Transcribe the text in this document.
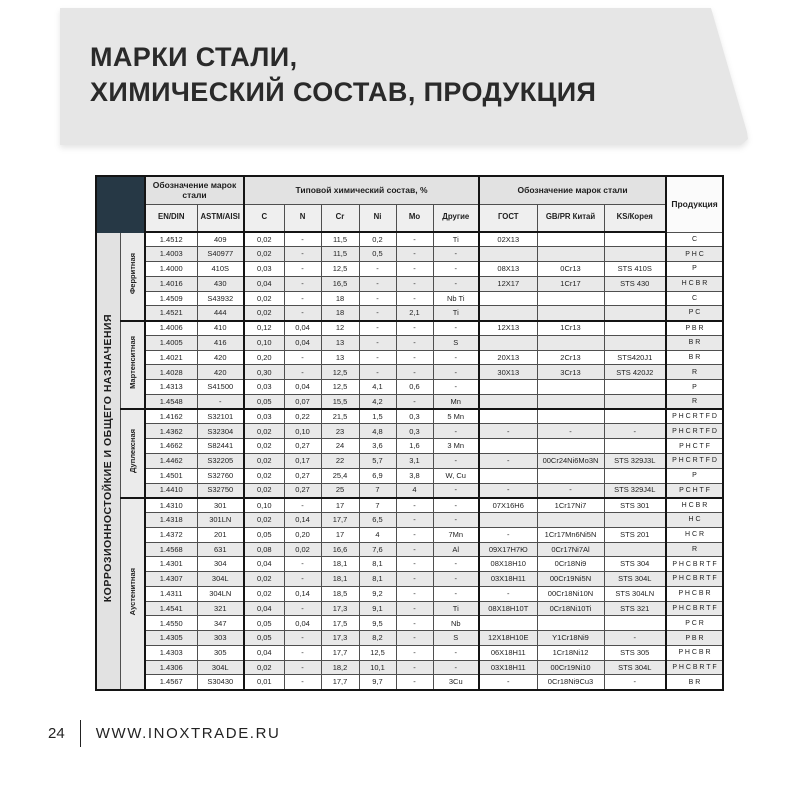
МАРКИ СТАЛИ,
ХИМИЧЕСКИЙ СОСТАВ, ПРОДУКЦИЯ
		Обозначение марок стали		Типовой химический состав, %						Обозначение марок стали			Продукция
		EN/DIN	ASTM/AISI	C	N	Cr	Ni	Mo	Другие	ГОСТ	GB/PR Китай	KS/Корея	
КОРРОЗИОННОСТОЙКИЕ И ОБЩЕГО НАЗНАЧЕНИЯ	Ферритная	1.4512	409	0,02	-	11,5	0,2	-	Ti	02X13			C
		1.4003	S40977	0,02	-	11,5	0,5	-	-				P H C
		1.4000	410S	0,03	-	12,5	-	-	-	08X13	0Cr13	STS 410S	P
		1.4016	430	0,04	-	16,5	-	-	-	12X17	1Cr17	STS 430	H C B R
		1.4509	S43932	0,02	-	18	-	-	Nb Ti				C
		1.4521	444	0,02	-	18	-	2,1	Ti				P C
	Мартенситная	1.4006	410	0,12	0,04	12	-	-	-	12X13	1Cr13		P B R
		1.4005	416	0,10	0,04	13	-	-	S				B R
		1.4021	420	0,20	-	13	-	-	-	20X13	2Cr13	STS420J1	B R
		1.4028	420	0,30	-	12,5	-	-	-	30X13	3Cr13	STS 420J2	R
		1.4313	S41500	0,03	0,04	12,5	4,1	0,6	-				P
		1.4548	-	0,05	0,07	15,5	4,2	-	Mn				R
	Дуплексная	1.4162	S32101	0,03	0,22	21,5	1,5	0,3	5 Mn				P H C R T F D
		1.4362	S32304	0,02	0,10	23	4,8	0,3	-	-	-	-	P H C R T F D
		1.4662	S82441	0,02	0,27	24	3,6	1,6	3 Mn				P H C T F
		1.4462	S32205	0,02	0,17	22	5,7	3,1	-	-	00Cr24Ni6Mo3N	STS 329J3L	P H C R T F D
		1.4501	S32760	0,02	0,27	25,4	6,9	3,8	W, Cu				P
		1.4410	S32750	0,02	0,27	25	7	4	-	-	-	STS 329J4L	P C H T F
	Аустенитная	1.4310	301	0,10	-	17	7	-	-	07X16H6	1Cr17Ni7	STS 301	H C B R
		1.4318	301LN	0,02	0,14	17,7	6,5	-	-				H C
		1.4372	201	0,05	0,20	17	4	-	7Mn	-	1Cr17Mn6Ni5N	STS 201	H C R
		1.4568	631	0,08	0,02	16,6	7,6	-	Al	09X17H7Ю	0Cr17Ni7Al		R
		1.4301	304	0,04	-	18,1	8,1	-	-	08X18H10	0Cr18Ni9	STS 304	P H C B R T F
		1.4307	304L	0,02	-	18,1	8,1	-	-	03X18H11	00Cr19Ni5N	STS 304L	P H C B R T F
		1.4311	304LN	0,02	0,14	18,5	9,2	-	-	-	00Cr18Ni10N	STS 304LN	P H C B R
		1.4541	321	0,04	-	17,3	9,1	-	Ti	08X18H10T	0Cr18Ni10Ti	STS 321	P H C B R T F
		1.4550	347	0,05	0,04	17,5	9,5	-	Nb				P C R
		1.4305	303	0,05	-	17,3	8,2	-	S	12X18H10E	Y1Cr18Ni9	-	P B R
		1.4303	305	0,04	-	17,7	12,5	-	-	06X18H11	1Cr18Ni12	STS 305	P H C B R
		1.4306	304L	0,02	-	18,2	10,1	-	-	03X18H11	00Cr19Ni10	STS 304L	P H C B R T F
		1.4567	S30430	0,01	-	17,7	9,7	-	3Cu	-	0Cr18Ni9Cu3	-	B R
24 WWW.INOXTRADE.RU
